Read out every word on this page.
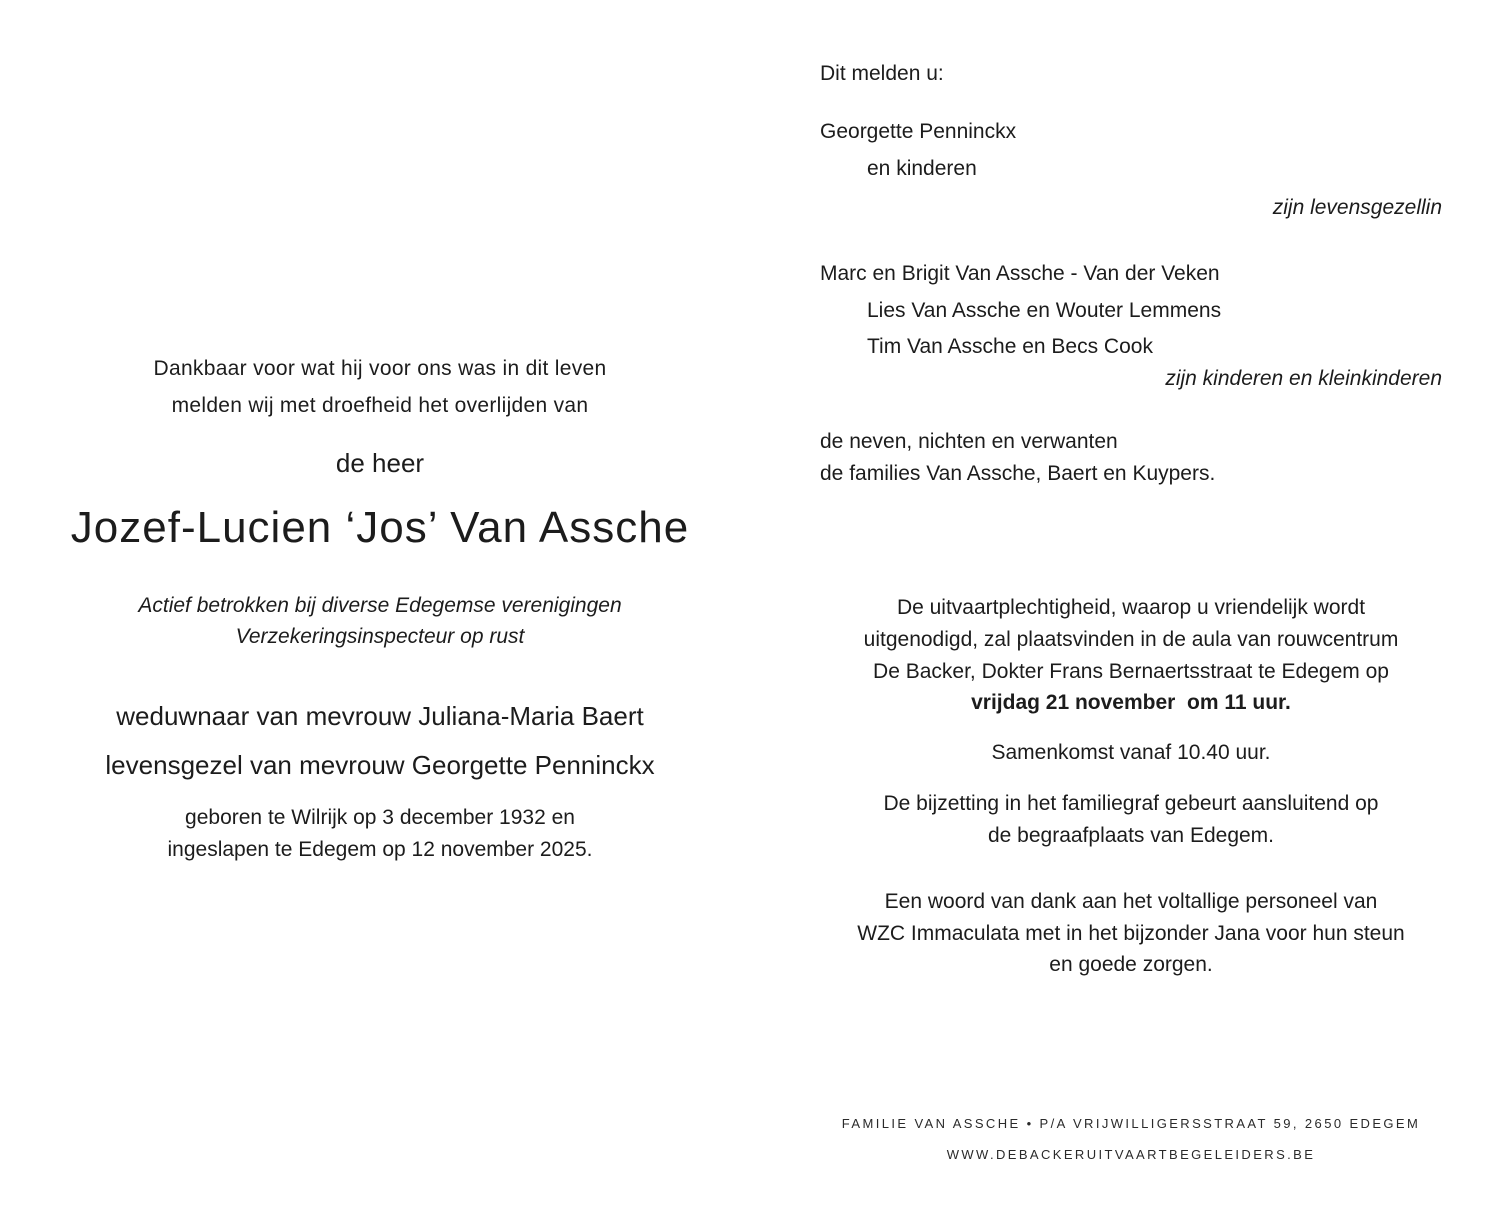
Dankbaar voor wat hij voor ons was in dit leven
melden wij met droefheid het overlijden van
de heer
Jozef-Lucien ‘Jos’ Van Assche
Actief betrokken bij diverse Edegemse verenigingen
Verzekeringsinspecteur op rust
weduwnaar van mevrouw Juliana-Maria Baert
levensgezel van mevrouw Georgette Penninckx
geboren te Wilrijk op 3 december 1932 en
ingeslapen te Edegem op 12 november 2025.
Dit melden u:
Georgette Penninckx
en kinderen
zijn levensgezellin
Marc en Brigit Van Assche - Van der Veken
Lies Van Assche en Wouter Lemmens
Tim Van Assche en Becs Cook
zijn kinderen en kleinkinderen
de neven, nichten en verwanten
de families Van Assche, Baert en Kuypers.
De uitvaartplechtigheid, waarop u vriendelijk wordt
uitgenodigd, zal plaatsvinden in de aula van rouwcentrum
De Backer, Dokter Frans Bernaertsstraat te Edegem op
vrijdag 21 november  om 11 uur.
Samenkomst vanaf 10.40 uur.
De bijzetting in het familiegraf gebeurt aansluitend op
de begraafplaats van Edegem.
Een woord van dank aan het voltallige personeel van
WZC Immaculata met in het bijzonder Jana voor hun steun
en goede zorgen.
FAMILIE VAN ASSCHE • P/A VRIJWILLIGERSSTRAAT 59, 2650 EDEGEM
WWW.DEBACKERUITVAARTBEGELEIDERS.BE
